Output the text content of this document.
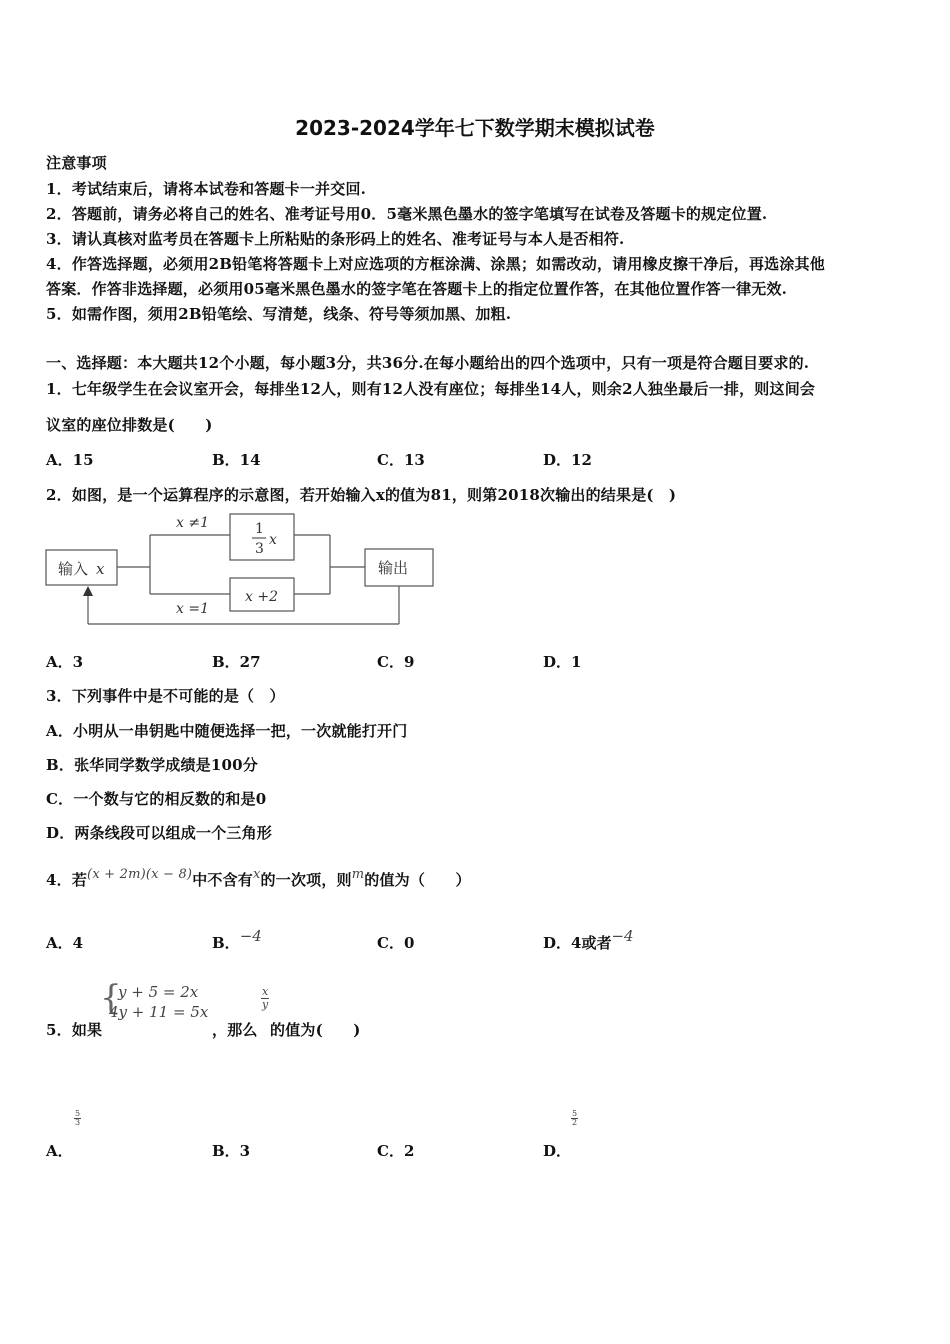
2023-2024学年七下数学期末模拟试卷
注意事项
1．考试结束后，请将本试卷和答题卡一并交回.
2．答题前，请务必将自己的姓名、准考证号用0．5毫米黑色墨水的签字笔填写在试卷及答题卡的规定位置.
3．请认真核对监考员在答题卡上所粘贴的条形码上的姓名、准考证号与本人是否相符.
4．作答选择题，必须用2B铅笔将答题卡上对应选项的方框涂满、涂黑；如需改动，请用橡皮擦干净后，再选涂其他
答案．作答非选择题，必须用05毫米黑色墨水的签字笔在答题卡上的指定位置作答，在其他位置作答一律无效.
5．如需作图，须用2B铅笔绘、写清楚，线条、符号等须加黑、加粗.
一、选择题：本大题共12个小题，每小题3分，共36分.在每小题给出的四个选项中，只有一项是符合题目要求的.
1．七年级学生在会议室开会，每排坐12人，则有12人没有座位；每排坐14人，则余2人独坐最后一排，则这间会
议室的座位排数是(　　)
A．15	B．14	C．13	D．12
2．如图，是一个运算程序的示意图，若开始输入x的值为81，则第2018次输出的结果是(　)
输入 x	输出
x ≠1
x =1
1
3
x
x +2
A．3	B．27	C．9	D．1
3．下列事件中是不可能的是（　）
A．小明从一串钥匙中随便选择一把，一次就能打开门
B．张华同学数学成绩是100分
C．一个数与它的相反数的和是0
D．两条线段可以组成一个三角形
4．若(x + 2m)(x − 8)中不含有x的一次项，则m的值为（　　）
A．4	B．−4	C．0	D．4或者−4
{
y + 5 = 2x
4y + 11 = 5x
5．如果	，那么
$\frac{x}{y}$
的值为(　　)
A．
$\frac{5}{3}$
B．3	C．2	D．
$\frac{5}{2}$
